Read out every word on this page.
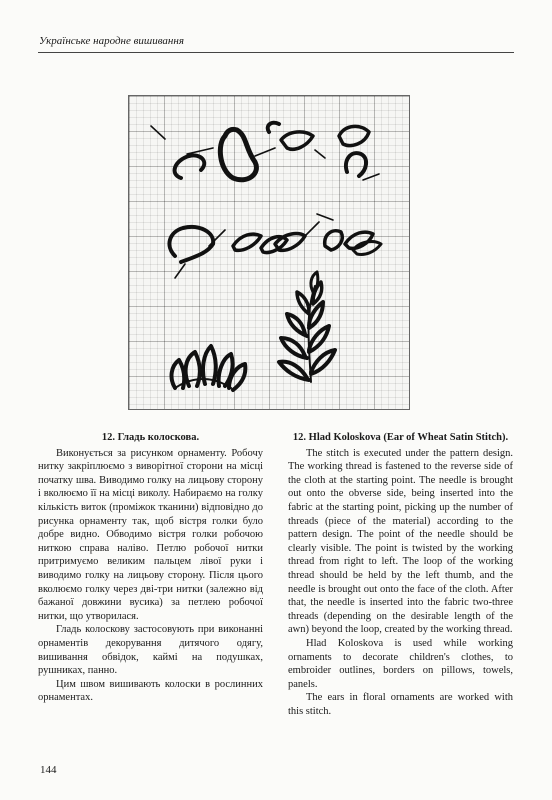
Українське народне вишивання
12. Гладь колоскова.

Виконується за рисунком орнаменту. Робочу нитку закріплюємо з виворітної сторони на місці початку шва. Виводимо голку на лицьову сторону і вколюємо її на місці виколу. Набираємо на голку кількість виток (проміжок тканини) відповідно до рисунка орнаменту так, щоб вістря голки було добре видно. Обводимо вістря голки робочою ниткою справа наліво. Петлю робочої нитки притримуємо великим пальцем лівої руки і виводимо голку на лицьову сторону. Після цього вколюємо голку через дві-три нитки (залежно від бажаної довжини вусика) за петлею робочої нитки, що утворилася.

Гладь колоскову застосовують при виконанні орнаментів декорування дитячого одягу, вишивання обвідок, каймі на подушках, рушниках, панно.

Цим швом вишивають колоски в рослинних орнаментах.

12. Hlad Koloskova (Ear of Wheat Satin Stitch).

The stitch is executed under the pattern design. The working thread is fastened to the reverse side of the cloth at the starting point. The needle is brought out onto the obverse side, being inserted into the fabric at the starting point, picking up the number of threads (piece of the material) according to the pattern design. The point of the needle should be clearly visible. The point is twisted by the working thread from right to left. The loop of the working thread should be held by the left thumb, and the needle is brought out onto the face of the cloth. After that, the needle is inserted into the fabric two-three threads (depending on the desirable length of the awn) beyond the loop, created by the working thread.

Hlad Koloskova is used while working ornaments to decorate children's clothes, to embroider outlines, borders on pillows, towels, panels.

The ears in floral ornaments are worked with this stitch.

144
